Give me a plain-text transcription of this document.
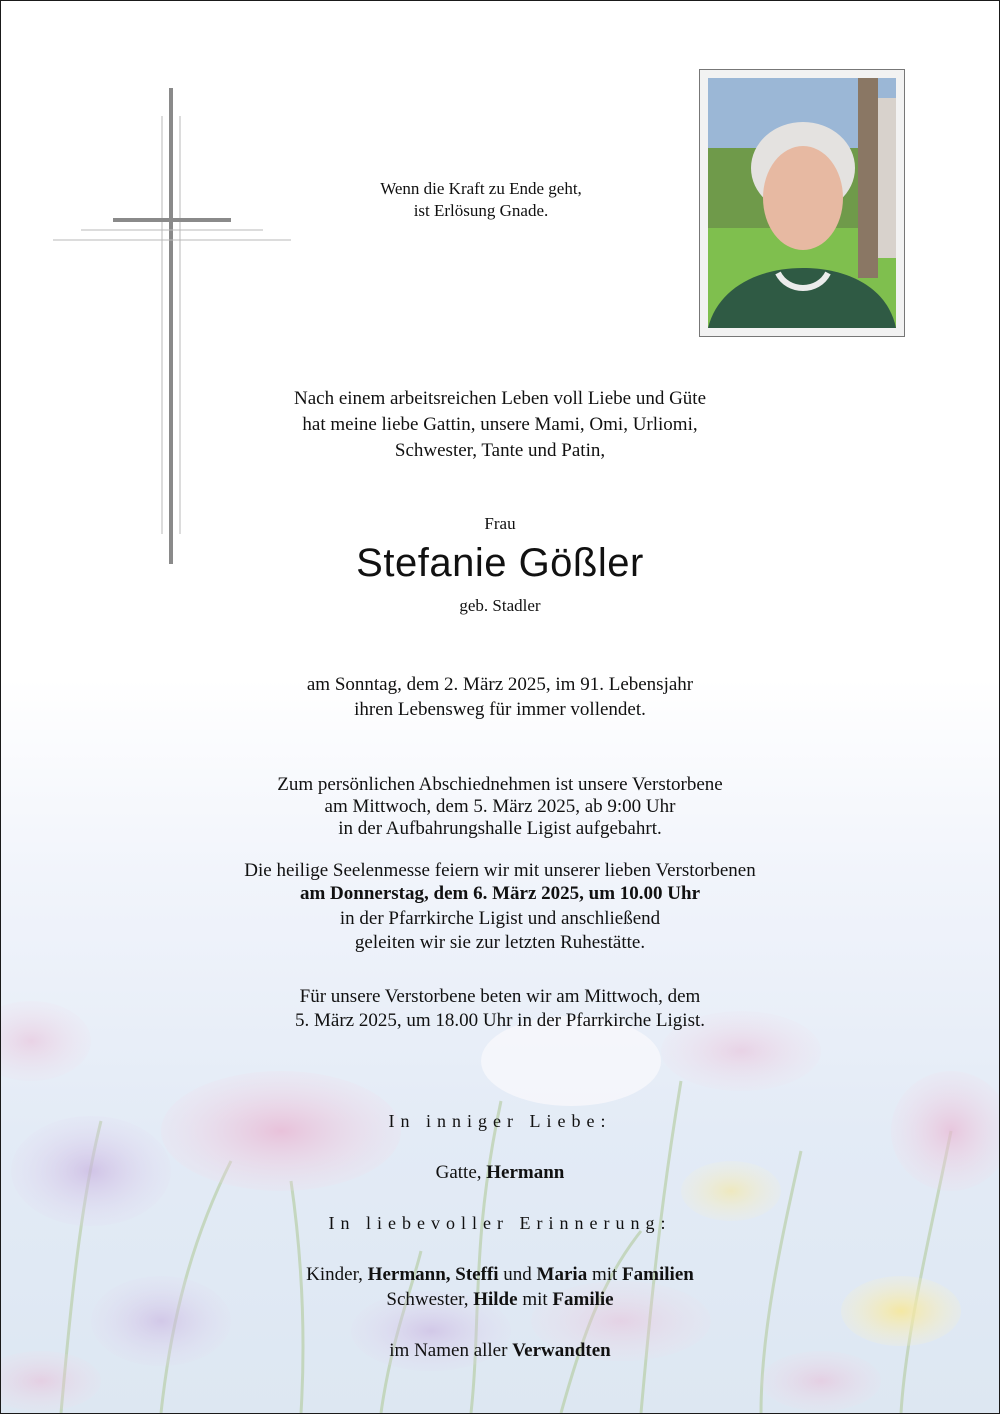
Wenn die Kraft zu Ende geht,
ist Erlösung Gnade.
Nach einem arbeitsreichen Leben voll Liebe und Güte
hat meine liebe Gattin, unsere Mami, Omi, Urliomi,
Schwester, Tante und Patin,
Frau
Stefanie Gößler
geb. Stadler
am Sonntag, dem 2. März 2025, im 91. Lebensjahr
ihren Lebensweg für immer vollendet.
Zum persönlichen Abschiednehmen ist unsere Verstorbene
am Mittwoch, dem 5. März 2025, ab 9:00 Uhr
in der Aufbahrungshalle Ligist aufgebahrt.
Die heilige Seelenmesse feiern wir mit unserer lieben Verstorbenen
am Donnerstag, dem 6. März 2025, um 10.00 Uhr
in der Pfarrkirche Ligist und anschließend
geleiten wir sie zur letzten Ruhestätte.
Für unsere Verstorbene beten wir am Mittwoch, dem
5. März 2025, um 18.00 Uhr in der Pfarrkirche Ligist.
In inniger Liebe:
Gatte, Hermann
In liebevoller Erinnerung:
Kinder, Hermann, Steffi und Maria mit Familien
Schwester, Hilde mit Familie
im Namen aller Verwandten
